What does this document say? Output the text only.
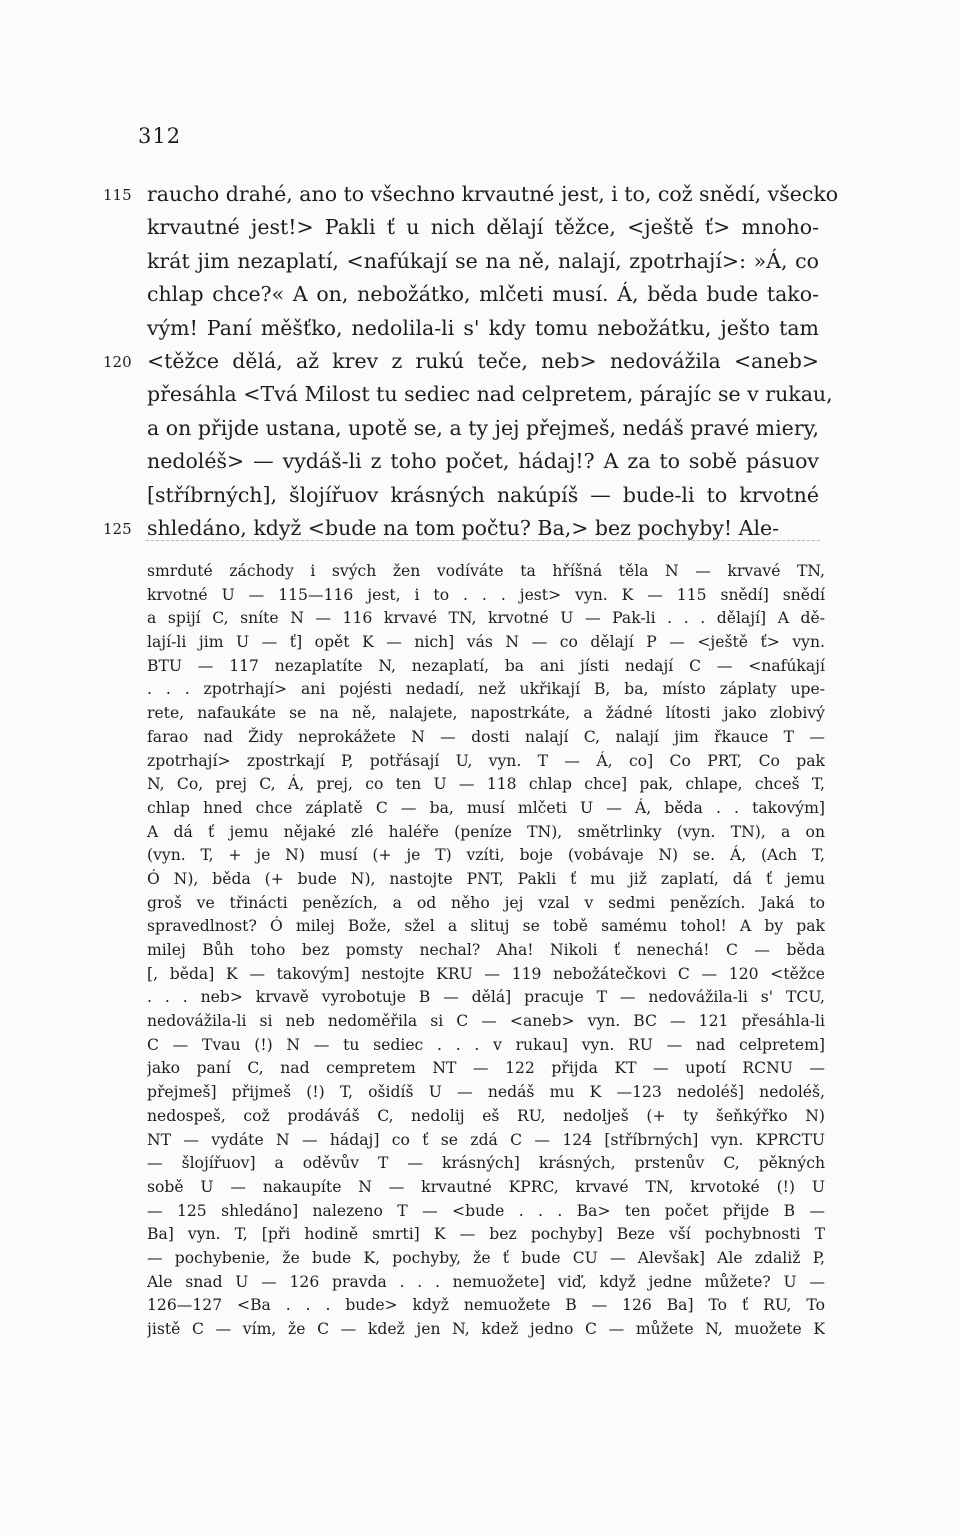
312
115 raucho drahé, ano to všechno krvautné jest, i to, což snědí, všecko
krvautné jest!> Pakli ť u nich dělají těžce, <ještě ť> mnoho-
krát jim nezaplatí, <nafúkají se na ně, nalají, zpotrhají>: »Á, co
chlap chce?« A on, nebožátko, mlčeti musí. Á, běda bude tako-
vým! Paní měšťko, nedolila-li s' kdy tomu nebožátku, ješto tam
120 <těžce dělá, až krev z rukú teče, neb> nedovážila <aneb>
přesáhla <Tvá Milost tu sediec nad celpretem, párajíc se v rukau,
a on přijde ustana, upotě se, a ty jej přejmeš, nedáš pravé miery,
nedoléš> — vydáš-li z toho počet, hádaj!? A za to sobě pásuov
[stříbrných], šlojířuov krásných nakúpíš — bude-li to krvotné
125 shledáno, když <bude na tom počtu? Ba,> bez pochyby! Ale-
smrduté záchody i svých žen vodíváte ta hříšná těla N — krvavé TN,
krvotné U — 115—116 jest, i to . . . jest> vyn. K — 115 snědí] snědí
a spijí C, sníte N — 116 krvavé TN, krvotné U — Pak-li . . . dělají] A dě-
lají-li jim U — ť] opět K — nich] vás N — co dělají P — <ještě ť> vyn.
BTU — 117 nezaplatíte N, nezaplatí, ba ani jísti nedají C — <nafúkají
. . . zpotrhají> ani pojésti nedadí, než ukřikají B, ba, místo záplaty upe-
rete, nafaukáte se na ně, nalajete, napostrkáte, a žádné lítosti jako zlobivý
farao nad Židy neprokážete N — dosti nalají C, nalají jim řkauce T —
zpotrhají> zpostrkají P, potřásají U, vyn. T — Á, co] Co PRT, Co pak
N, Co, prej C, Á, prej, co ten U — 118 chlap chce] pak, chlape, chceš T,
chlap hned chce záplatě C — ba, musí mlčeti U — Á, běda . . takovým]
A dá ť jemu nějaké zlé haléře (peníze TN), smětrlinky (vyn. TN), a on
(vyn. T, + je N) musí (+ je T) vzíti, boje (vobávaje N) se. Á, (Ach T,
Ó N), běda (+ bude N), nastojte PNT, Pakli ť mu již zaplatí, dá ť jemu
groš ve třinácti penězích, a od něho jej vzal v sedmi penězích. Jaká to
spravedlnost? Ó milej Bože, sžel a slituj se tobě samému tohol! A by pak
milej Bůh toho bez pomsty nechal? Aha! Nikoli ť nenechá! C — běda
[, běda] K — takovým] nestojte KRU — 119 nebožátečkovi C — 120 <těžce
. . . neb> krvavě vyrobotuje B — dělá] pracuje T — nedovážila-li s' TCU,
nedovážila-li si neb nedoměřila si C — <aneb> vyn. BC — 121 přesáhla-li
C — Tvau (!) N — tu sediec . . . v rukau] vyn. RU — nad celpretem]
jako paní C, nad cempretem NT — 122 přijda KT — upotí RCNU —
přejmeš] přijmeš (!) T, ošidíš U — nedáš mu K —123 nedoléš] nedoléš,
nedospeš, což prodáváš C, nedolij eš RU, nedolješ (+ ty šeňkýřko N)
NT — vydáte N — hádaj] co ť se zdá C — 124 [stříbrných] vyn. KPRCTU
— šlojířuov] a oděvův T — krásných] krásných, prstenův C, pěkných
sobě U — nakaupíte N — krvautné KPRC, krvavé TN, krvotoké (!) U
— 125 shledáno] nalezeno T — <bude . . . Ba> ten počet přijde B —
Ba] vyn. T, [při hodině smrti] K — bez pochyby] Beze vší pochybnosti T
— pochybenie, že bude K, pochyby, že ť bude CU — Alevšak] Ale zdaliž P,
Ale snad U — 126 pravda . . . nemuožete] viď, když jedne můžete? U —
126—127 <Ba . . . bude> když nemuožete B — 126 Ba] To ť RU, To
jistě C — vím, že C — kdež jen N, kdež jedno C — můžete N, muožete K
